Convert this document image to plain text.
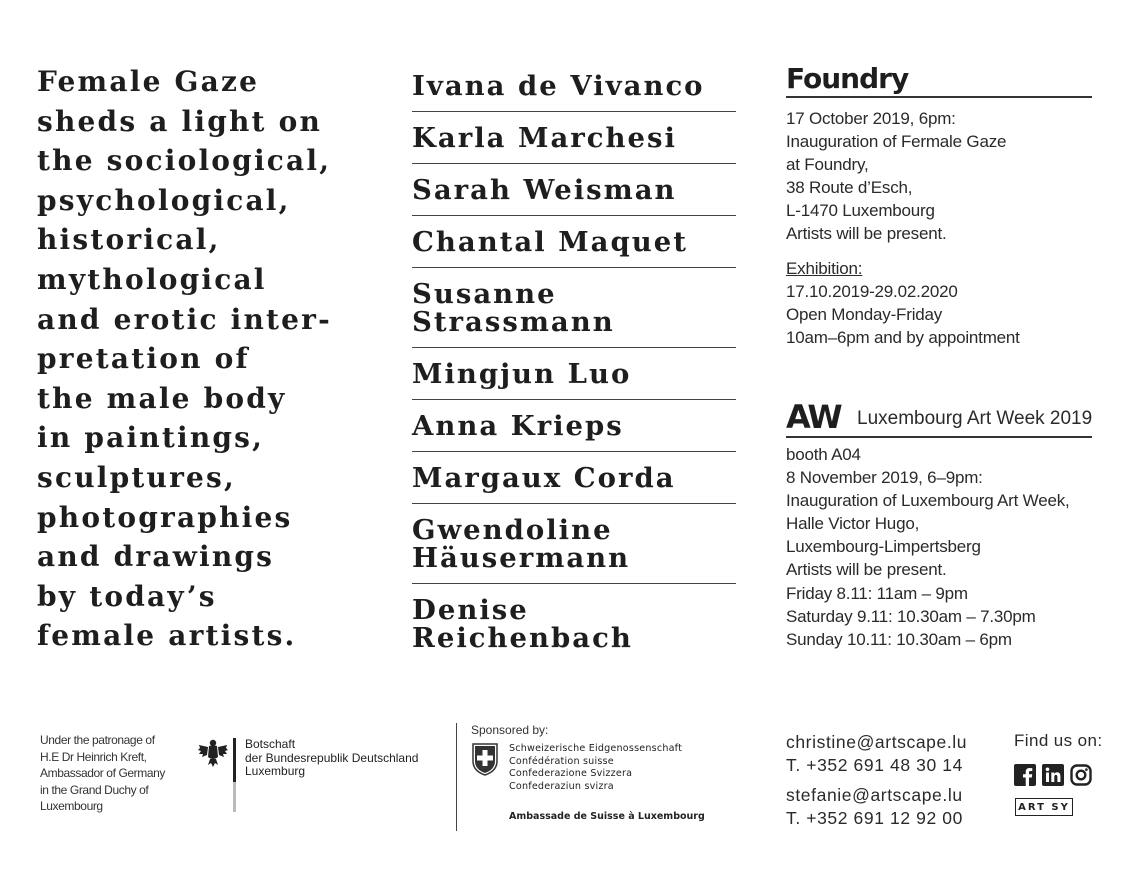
Female Gaze
sheds a light on
the sociological,
psychological,
historical,
mythological
and erotic inter-
pretation of
the male body
in paintings,
sculptures,
photographies
and drawings
by today’s
female artists.
Ivana de Vivanco
Karla Marchesi
Sarah Weisman
Chantal Maquet
Susanne
Strassmann
Mingjun Luo
Anna Krieps
Margaux Corda
Gwendoline
Häusermann
Denise
Reichenbach
Foundry
17 October 2019, 6pm:
Inauguration of Fermale Gaze
at Foundry,
38 Route d’Esch,
L-1470 Luxembourg
Artists will be present.
Exhibition:
17.10.2019-29.02.2020
Open Monday-Friday
10am–6pm and by appointment
AW Luxembourg Art Week 2019
booth A04
8 November 2019, 6–9pm:
Inauguration of Luxembourg Art Week,
Halle Victor Hugo,
Luxembourg-Limpertsberg
Artists will be present.
Friday 8.11: 11am – 9pm
Saturday 9.11: 10.30am – 7.30pm
Sunday 10.11: 10.30am – 6pm
Under the patronage of
H.E Dr Heinrich Kreft,
Ambassador of Germany
in the Grand Duchy of
Luxembourg
Botschaft
der Bundesrepublik Deutschland
Luxemburg
Sponsored by:
Schweizerische Eidgenossenschaft
Confédération suisse
Confederazione Svizzera
Confederaziun svizra
Ambassade de Suisse à Luxembourg
christine@artscape.lu
T. +352 691 48 30 14
stefanie@artscape.lu
T. +352 691 12 92 00
Find us on:
ART SY
